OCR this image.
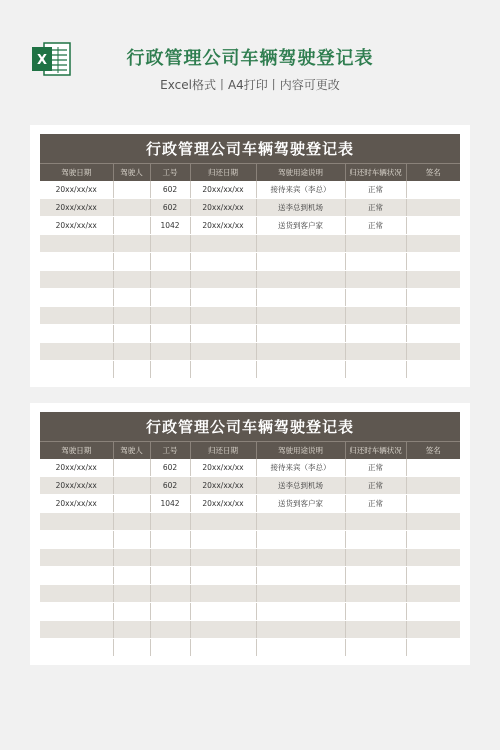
X	行政管理公司车辆驾驶登记表
Excel格式丨A4打印丨内容可更改
行政管理公司车辆驾驶登记表						
驾驶日期	驾驶人	工号	归还日期	驾驶用途说明	归还时车辆状况	签名
20xx/xx/xx		602	20xx/xx/xx	接待来宾（李总）	正常	
20xx/xx/xx		602	20xx/xx/xx	送李总到机场	正常	
20xx/xx/xx		1042	20xx/xx/xx	送货到客户家	正常	

行政管理公司车辆驾驶登记表						
驾驶日期	驾驶人	工号	归还日期	驾驶用途说明	归还时车辆状况	签名
20xx/xx/xx		602	20xx/xx/xx	接待来宾（李总）	正常	
20xx/xx/xx		602	20xx/xx/xx	送李总到机场	正常	
20xx/xx/xx		1042	20xx/xx/xx	送货到客户家	正常	
